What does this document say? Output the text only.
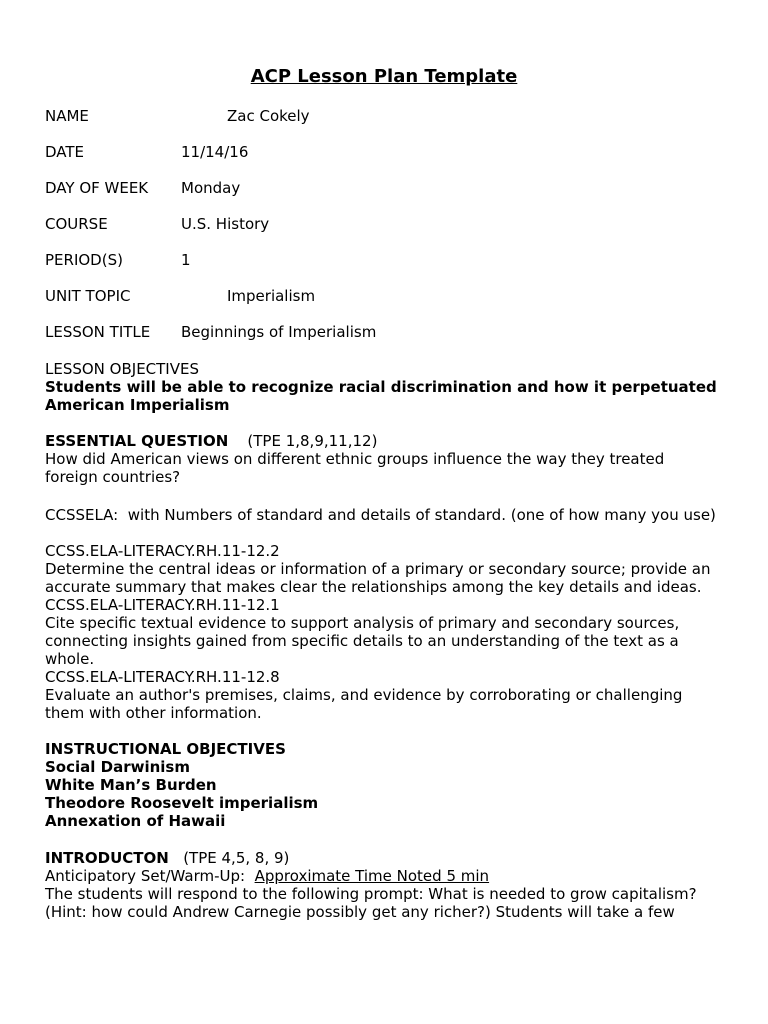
ACP Lesson Plan Template
NAME	Zac Cokely
DATE	11/14/16
DAY OF WEEK Monday
COURSE	U.S. History
PERIOD(S)	1
UNIT TOPIC	Imperialism
LESSON TITLE Beginnings of Imperialism
LESSON OBJECTIVES
Students will be able to recognize racial discrimination and how it perpetuated
American Imperialism
ESSENTIAL QUESTION (TPE 1,8,9,11,12)
How did American views on different ethnic groups influence the way they treated
foreign countries?
CCSSELA:  with Numbers of standard and details of standard. (one of how many you use)
CCSS.ELA-LITERACY.RH.11-12.2
Determine the central ideas or information of a primary or secondary source; provide an
accurate summary that makes clear the relationships among the key details and ideas.
CCSS.ELA-LITERACY.RH.11-12.1
Cite specific textual evidence to support analysis of primary and secondary sources,
connecting insights gained from specific details to an understanding of the text as a
whole.
CCSS.ELA-LITERACY.RH.11-12.8
Evaluate an author's premises, claims, and evidence by corroborating or challenging
them with other information.
INSTRUCTIONAL OBJECTIVES
Social Darwinism
White Man’s Burden
Theodore Roosevelt imperialism
Annexation of Hawaii
INTRODUCTON (TPE 4,5, 8, 9)
Anticipatory Set/Warm-Up:  Approximate Time Noted 5 min
The students will respond to the following prompt: What is needed to grow capitalism?
(Hint: how could Andrew Carnegie possibly get any richer?) Students will take a few
